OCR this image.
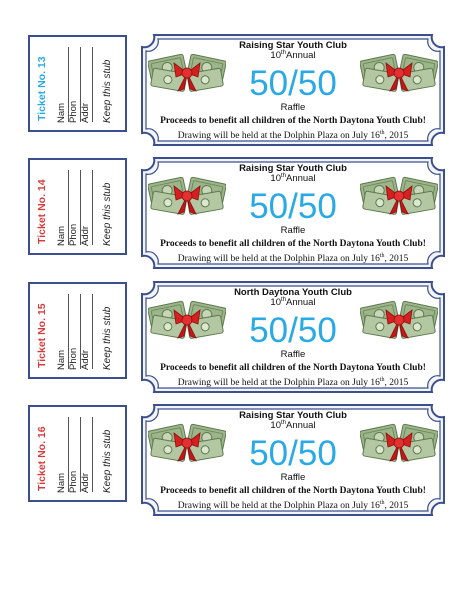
Ticket No. 13 Nam Phon Addr Keep this stub
Raising Star Youth Club
10thAnnual
50/50
Raffle
Proceeds to benefit all children of the North Daytona Youth Club!
Drawing will be held at the Dolphin Plaza on July 16th, 2015
Ticket No. 14 Nam Phon Addr Keep this stub
Raising Star Youth Club
10thAnnual
50/50
Raffle
Proceeds to benefit all children of the North Daytona Youth Club!
Drawing will be held at the Dolphin Plaza on July 16th, 2015
Ticket No. 15 Nam Phon Addr Keep this stub
North Daytona Youth Club
10thAnnual
50/50
Raffle
Proceeds to benefit all children of the North Daytona Youth Club!
Drawing will be held at the Dolphin Plaza on July 16th, 2015
Ticket No. 16 Nam Phon Addr Keep this stub
Raising Star Youth Club
10thAnnual
50/50
Raffle
Proceeds to benefit all children of the North Daytona Youth Club!
Drawing will be held at the Dolphin Plaza on July 16th, 2015
